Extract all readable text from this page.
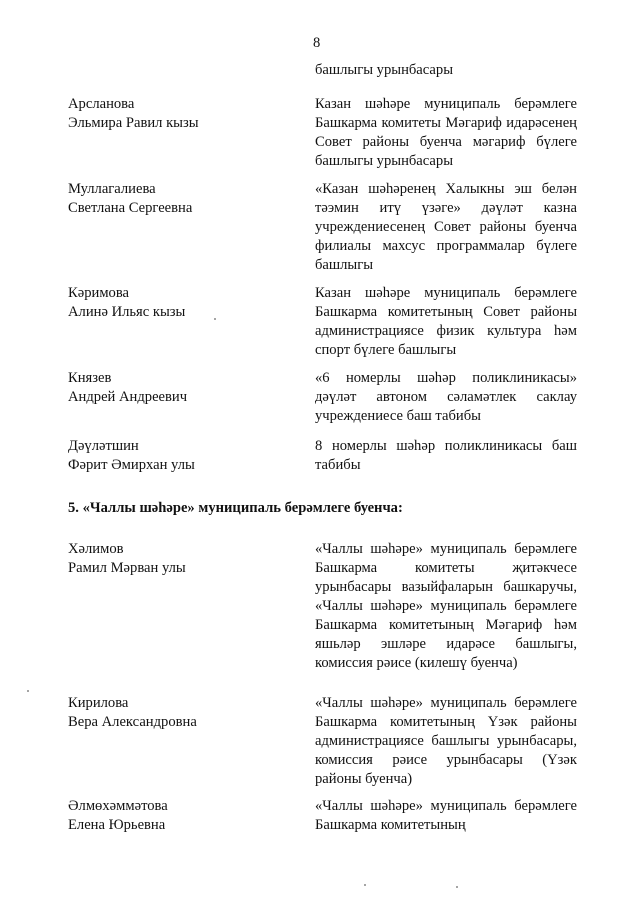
8
башлыгы урынбасары
Арсланова
Эльмира Равил кызы
Казан шәһәре муниципаль берәмлеге Башкарма комитеты Мәгариф идарәсенең Совет районы буенча мәгариф бүлеге башлыгы урынбасары
Муллагалиева
Светлана Сергеевна
«Казан шәһәренең Халыкны эш белән тәэмин итү үзәге» дәүләт казна учреждениесенең Совет районы буенча филиалы махсус программалар бүлеге башлыгы
Кәримова
Алинә Ильяс кызы
Казан шәһәре муниципаль берәмлеге Башкарма комитетының Совет районы администрациясе физик культура һәм спорт бүлеге башлыгы
Князев
Андрей Андреевич
«6 номерлы шәһәр поликлиникасы» дәүләт автоном сәламәтлек саклау учреждениесе баш табибы
Дәүләтшин
Фәрит Әмирхан улы
8 номерлы шәһәр поликлиникасы баш табибы
5. «Чаллы шәһәре» муниципаль берәмлеге буенча:
Хәлимов
Рамил Мәрван улы
«Чаллы шәһәре» муниципаль берәмлеге Башкарма комитеты җитәкчесе урынбасары вазыйфаларын башкаручы, «Чаллы шәһәре» муниципаль берәмлеге Башкарма комитетының Мәгариф һәм яшьләр эшләре идарәсе башлыгы, комиссия рәисе (килешү буенча)
Кирилова
Вера Александровна
«Чаллы шәһәре» муниципаль берәмлеге Башкарма комитетының Үзәк районы администрациясе башлыгы урынбасары, комиссия рәисе урынбасары (Үзәк районы буенча)
Әлмөхәммәтова
Елена Юрьевна
«Чаллы шәһәре» муниципаль берәмлеге Башкарма комитетының
